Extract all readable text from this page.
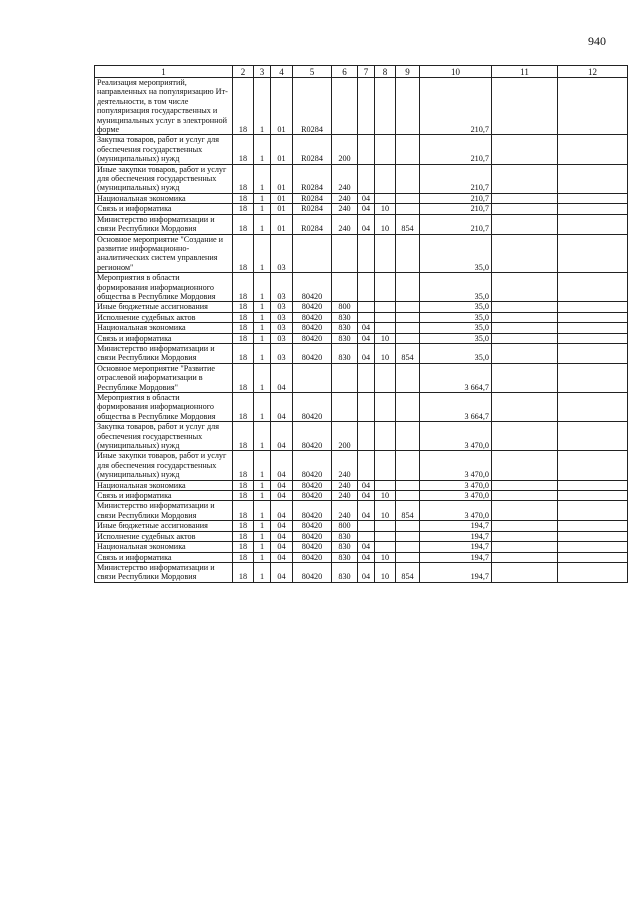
940
1	2	3	4	5	6	7	8	9	10	11	12
Реализация мероприятий, направленных на популяризацию Ит-деятельности, в том числе популяризация государственных и муниципальных услуг в электронной форме	18	1	01	R0284					210,7		
Закупка товаров, работ и услуг для обеспечения государственных (муниципальных) нужд	18	1	01	R0284	200				210,7		
Иные закупки товаров, работ и услуг для обеспечения государственных (муниципальных) нужд	18	1	01	R0284	240				210,7		
Национальная экономика	18	1	01	R0284	240	04			210,7		
Связь и информатика	18	1	01	R0284	240	04	10		210,7		
Министерство информатизации и связи Республики Мордовия	18	1	01	R0284	240	04	10	854	210,7		
Основное мероприятие "Создание и развитие информационно-аналитических систем управления регионом"	18	1	03						35,0		
Мероприятия в области формирования информационного общества в Республике Мордовия	18	1	03	80420					35,0		
Иные бюджетные ассигнования	18	1	03	80420	800				35,0		
Исполнение судебных актов	18	1	03	80420	830				35,0		
Национальная экономика	18	1	03	80420	830	04			35,0		
Связь и информатика	18	1	03	80420	830	04	10		35,0		
Министерство информатизации и связи Республики Мордовия	18	1	03	80420	830	04	10	854	35,0		
Основное мероприятие "Развитие отраслевой информатизации в Республике Мордовия"	18	1	04						3 664,7		
Мероприятия в области формирования информационного общества в Республике Мордовия	18	1	04	80420					3 664,7		
Закупка товаров, работ и услуг для обеспечения государственных (муниципальных) нужд	18	1	04	80420	200				3 470,0		
Иные закупки товаров, работ и услуг для обеспечения государственных (муниципальных) нужд	18	1	04	80420	240				3 470,0		
Национальная экономика	18	1	04	80420	240	04			3 470,0		
Связь и информатика	18	1	04	80420	240	04	10		3 470,0		
Министерство информатизации и связи Республики Мордовия	18	1	04	80420	240	04	10	854	3 470,0		
Иные бюджетные ассигнования	18	1	04	80420	800				194,7		
Исполнение судебных актов	18	1	04	80420	830				194,7		
Национальная экономика	18	1	04	80420	830	04			194,7		
Связь и информатика	18	1	04	80420	830	04	10		194,7		
Министерство информатизации и связи Республики Мордовия	18	1	04	80420	830	04	10	854	194,7		
